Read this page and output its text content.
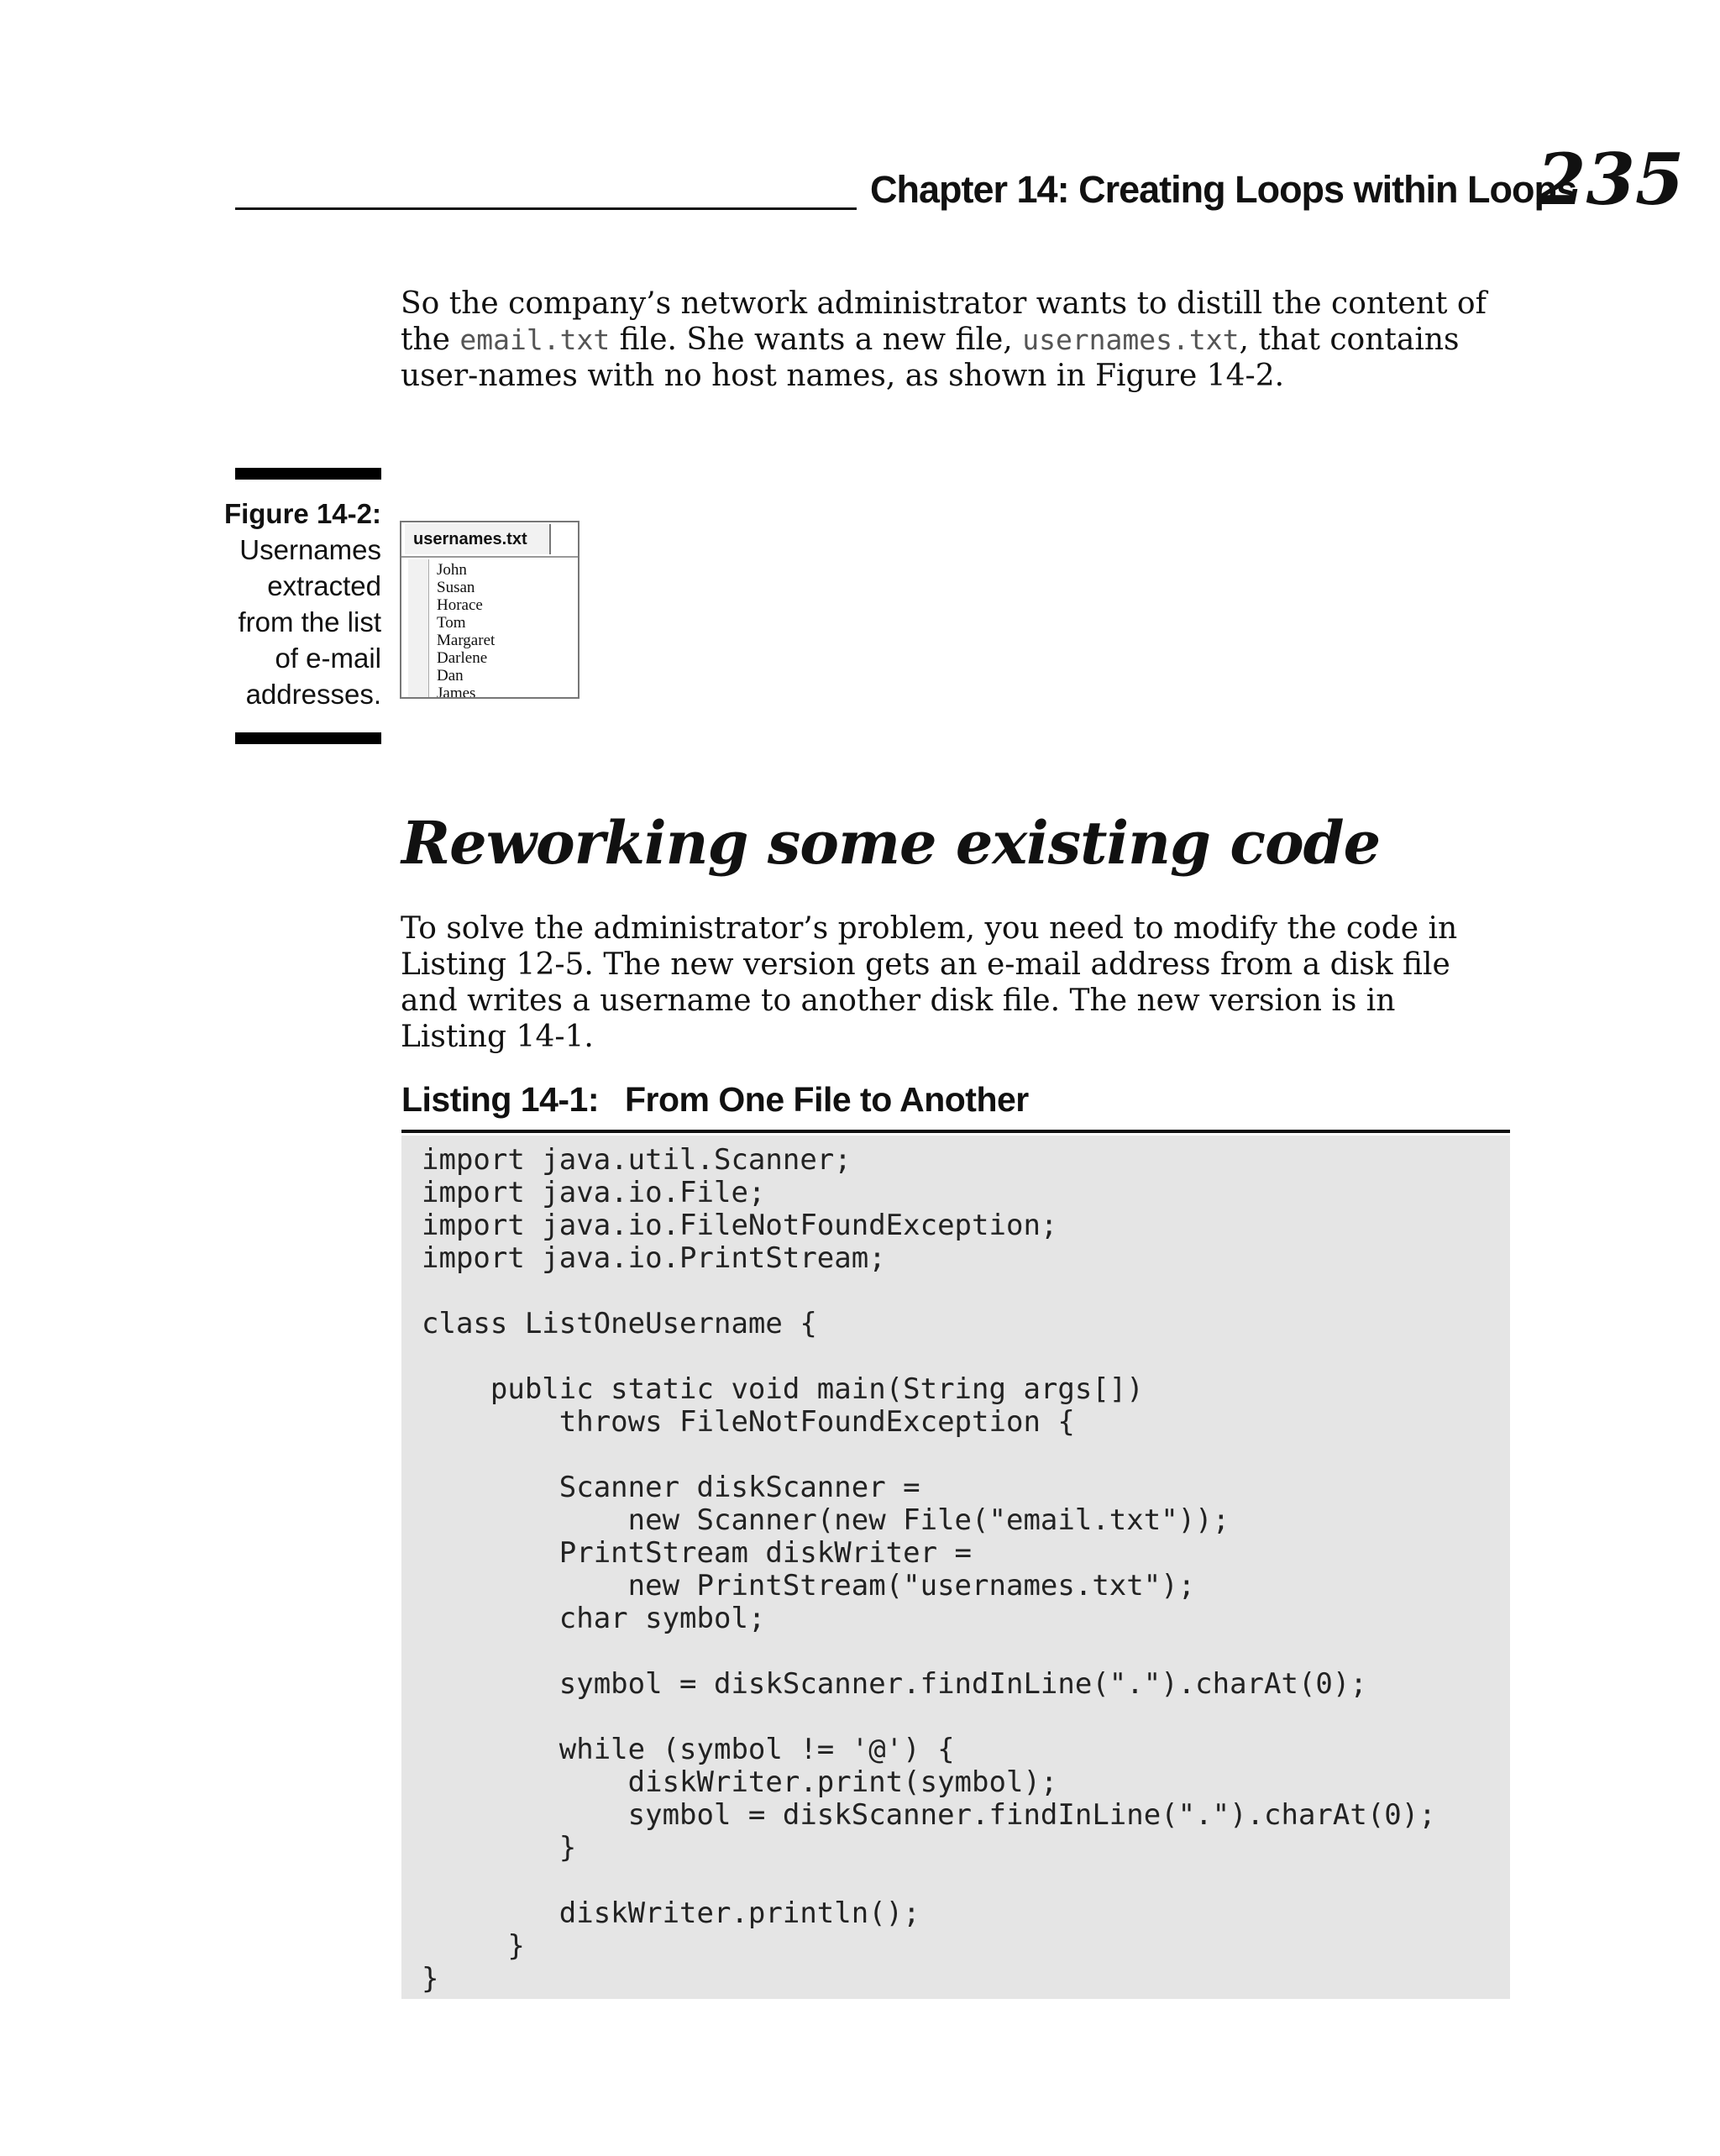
Chapter 14: Creating Loops within Loops
235

So the company’s network administrator wants to distill the content of the email.txt file. She wants a new file, usernames.txt, that contains user-names with no host names, as shown in Figure 14-2.

Figure 14-2:
Usernames extracted from the list of e-mail addresses.
usernames.txt
John
Susan
Horace
Tom
Margaret
Darlene
Dan
James
Reworking some existing code

To solve the administrator’s problem, you need to modify the code in Listing 12-5. The new version gets an e-mail address from a disk file and writes a username to another disk file. The new version is in Listing 14-1.

Listing 14-1: From One File to Another
import java.util.Scanner;
import java.io.File;
import java.io.FileNotFoundException;
import java.io.PrintStream;
class ListOneUsername {
public static void main(String args[])
throws FileNotFoundException {
Scanner diskScanner =
new Scanner(new File("email.txt"));
PrintStream diskWriter =
new PrintStream("usernames.txt");
char symbol;
symbol = diskScanner.findInLine(".").charAt(0);
while (symbol != '@') {
diskWriter.print(symbol);
symbol = diskScanner.findInLine(".").charAt(0);
}
diskWriter.println();
}
}
